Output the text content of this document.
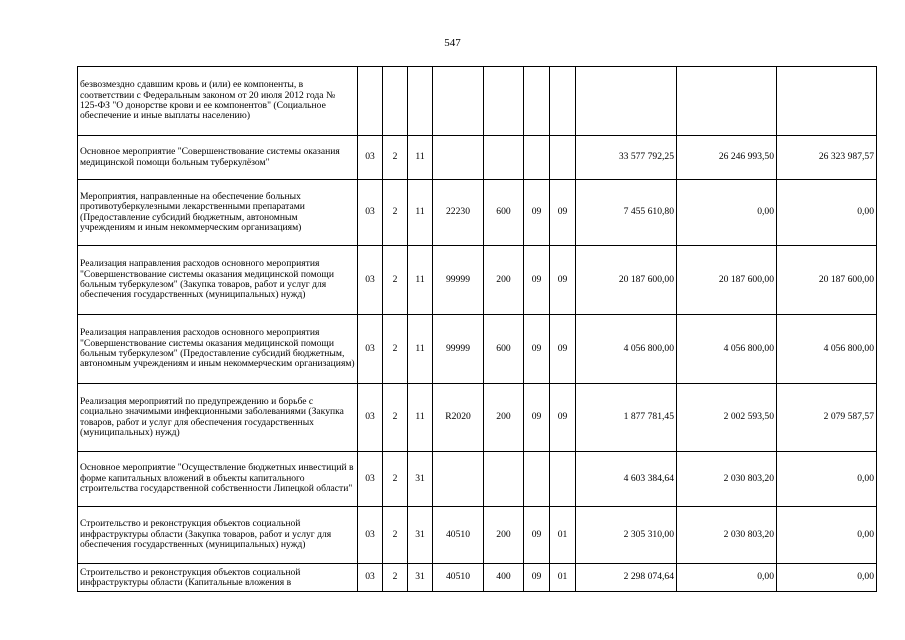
547
безвозмездно сдавшим кровь и (или) ее компоненты, в соответствии с Федеральным законом от 20 июля 2012 года № 125-ФЗ "О донорстве крови и ее компонентов" (Социальное обеспечение и иные выплаты населению)										
Основное мероприятие "Совершенствование системы оказания медицинской помощи больным туберкулёзом"	03	2	11					33 577 792,25	26 246 993,50	26 323 987,57
Мероприятия, направленные на обеспечение больных противотуберкулезными лекарственными препаратами (Предоставление субсидий бюджетным, автономным учреждениям и иным некоммерческим организациям)	03	2	11	22230	600	09	09	7 455 610,80	0,00	0,00
Реализация направления расходов основного мероприятия "Совершенствование системы оказания медицинской помощи больным туберкулезом" (Закупка товаров, работ и услуг для обеспечения государственных (муниципальных) нужд)	03	2	11	99999	200	09	09	20 187 600,00	20 187 600,00	20 187 600,00
Реализация направления расходов основного мероприятия "Совершенствование системы оказания медицинской помощи больным туберкулезом" (Предоставление субсидий бюджетным, автономным учреждениям и иным некоммерческим организациям)	03	2	11	99999	600	09	09	4 056 800,00	4 056 800,00	4 056 800,00
Реализация мероприятий по предупреждению и борьбе с социально значимыми инфекционными заболеваниями (Закупка товаров, работ и услуг для обеспечения государственных (муниципальных) нужд)	03	2	11	R2020	200	09	09	1 877 781,45	2 002 593,50	2 079 587,57
Основное мероприятие "Осуществление бюджетных инвестиций в форме капитальных вложений в объекты капитального строительства государственной собственности Липецкой области"	03	2	31					4 603 384,64	2 030 803,20	0,00
Строительство и реконструкция объектов социальной инфраструктуры области (Закупка товаров, работ и услуг для обеспечения государственных (муниципальных) нужд)	03	2	31	40510	200	09	01	2 305 310,00	2 030 803,20	0,00

Строительство и реконструкция объектов социальной инфраструктуры области (Капитальные вложения в	03	2	31	40510	400	09	01	2 298 074,64	0,00	0,00
